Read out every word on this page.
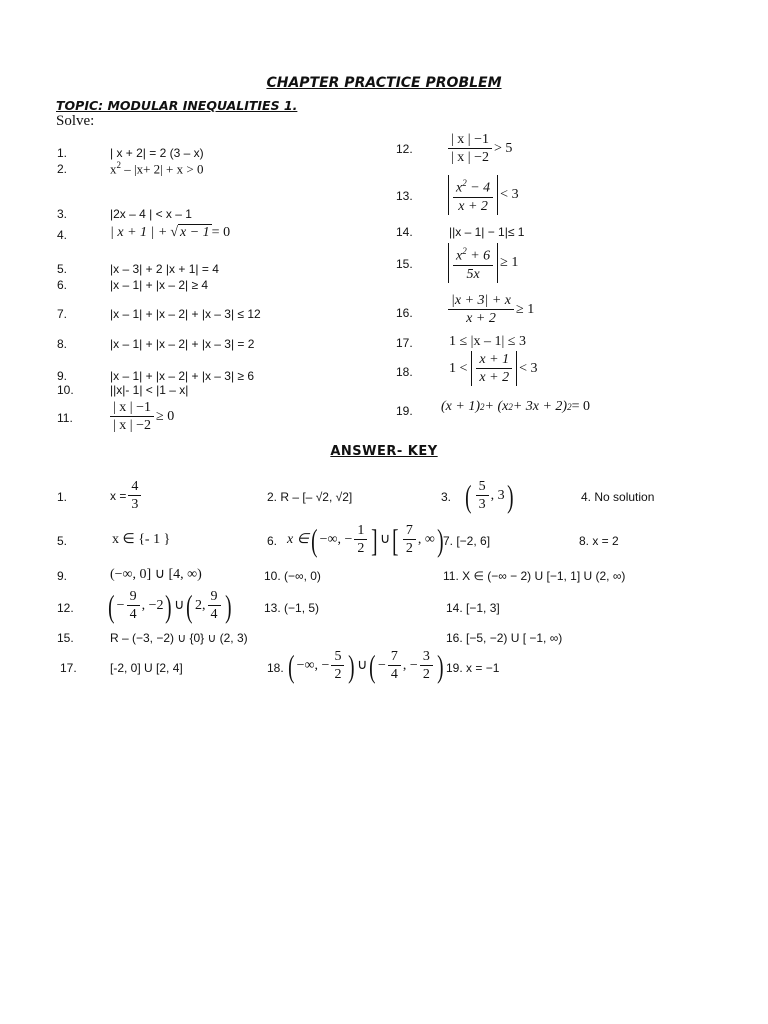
CHAPTER PRACTICE PROBLEM
TOPIC: MODULAR INEQUALITIES 1.
Solve:
1.	| x + 2| = 2 (3 – x)
2.	$x^2 - |x+ 2| + x > 0$
3.	|2x – 4 | < x – 1
4.	| x + 1 | + √ x − 1 = 0
5.	|x – 3| + 2 |x + 1| = 4
6.	|x – 1| + |x – 2| ≥ 4
7.	|x – 1| + |x – 2| + |x – 3| ≤ 12
8.	|x – 1| + |x – 2| + |x – 3| = 2
9.	|x – 1| + |x – 2| + |x – 3| ≥ 6
10.	||x|- 1| < |1 – x|
11.	$\frac{| x | -1}{| x | -2} \ge 0$
12.	$\frac{| x | -1}{| x | -2} > 5$
13.	$\frac{x^2 - 4}{x + 2} < 3$
14.	||x – 1| − 1|≤ 1
15.	$\frac{x^2 + 6}{5x} \ge 1$
16.	$\frac{|x + 3| + x}{x + 2} \ge 1$
17.	1 ≤ |x – 1| ≤ 3
18.	$1 < \frac{x + 1}{x + 2} < 3$
19. (x + 1) 2 + (x 2 + 3x + 2) 2 = 0
ANSWER- KEY
1.	$x = \frac{4}{3}$	2. R – [– √2, √2]	3. ( $\frac{5}{3}$ , 3 )	4. No solution
5.	x ∈ {- 1 }	6. x ∈ ( −∞, − $\frac{1}{2}$ ] ∪ [ $\frac{7}{2}$ , ∞ ) 7. [−2, 6]	8. x = 2
9.	(−∞, 0] ∪ [4, ∞)	10. (−∞, 0)	11. X ∈ (−∞ − 2) U [−1, 1] U (2, ∞)
12. ( − $\frac{9}{4}$ , −2 ) ∪ ( 2, $\frac{9}{4}$ )	13. (−1, 5)	14. [−1, 3]
15.	R – (−3, −2) ∪ {0} ∪ (2, 3)	16. [−5, −2) U [ −1, ∞)
17.	[-2, 0] U [2, 4]	18. ( −∞, − $\frac{5}{2}$ ) ∪ ( − $\frac{7}{4}$ , − $\frac{3}{2}$ ) 19. x = −1
